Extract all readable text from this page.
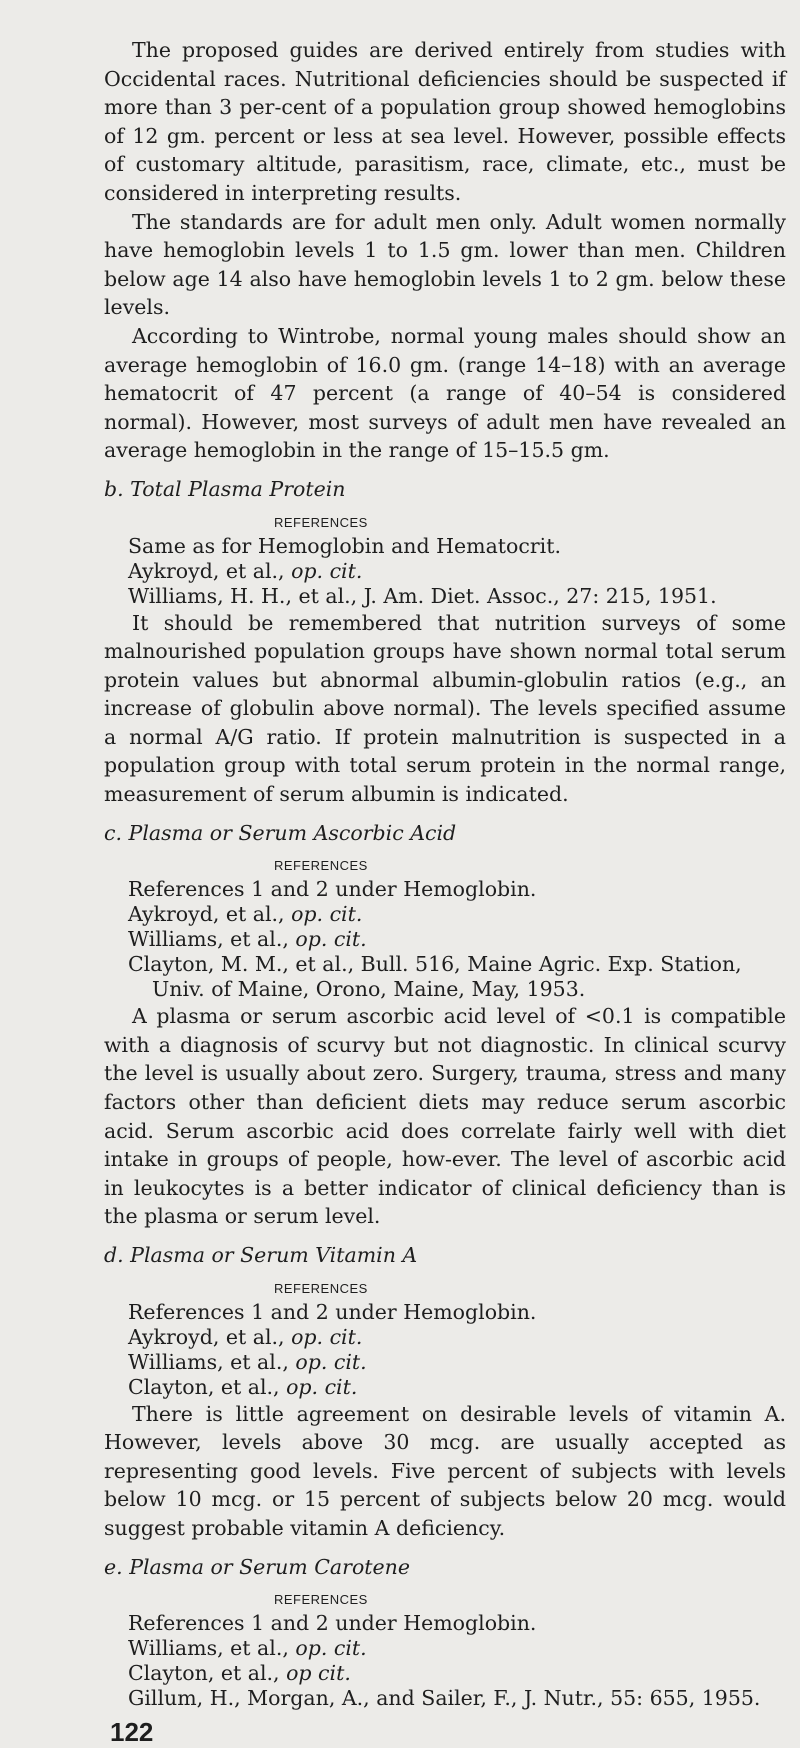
The proposed guides are derived entirely from studies with Occidental races. Nutritional deficiencies should be suspected if more than 3 per-cent of a population group showed hemoglobins of 12 gm. percent or less at sea level. However, possible effects of customary altitude, parasitism, race, climate, etc., must be considered in interpreting results.

The standards are for adult men only. Adult women normally have hemoglobin levels 1 to 1.5 gm. lower than men. Children below age 14 also have hemoglobin levels 1 to 2 gm. below these levels.

According to Wintrobe, normal young males should show an average hemoglobin of 16.0 gm. (range 14–18) with an average hematocrit of 47 percent (a range of 40–54 is considered normal). However, most surveys of adult men have revealed an average hemoglobin in the range of 15–15.5 gm.

b. Total Plasma Protein

REFERENCES

Same as for Hemoglobin and Hematocrit.

Aykroyd, et al., op. cit.

Williams, H. H., et al., J. Am. Diet. Assoc., 27: 215, 1951.

It should be remembered that nutrition surveys of some malnourished population groups have shown normal total serum protein values but abnormal albumin-globulin ratios (e.g., an increase of globulin above normal). The levels specified assume a normal A/G ratio. If protein malnutrition is suspected in a population group with total serum protein in the normal range, measurement of serum albumin is indicated.

c. Plasma or Serum Ascorbic Acid

REFERENCES

References 1 and 2 under Hemoglobin.

Aykroyd, et al., op. cit.

Williams, et al., op. cit.

Clayton, M. M., et al., Bull. 516, Maine Agric. Exp. Station, Univ. of Maine, Orono, Maine, May, 1953.

A plasma or serum ascorbic acid level of <0.1 is compatible with a diagnosis of scurvy but not diagnostic. In clinical scurvy the level is usually about zero. Surgery, trauma, stress and many factors other than deficient diets may reduce serum ascorbic acid. Serum ascorbic acid does correlate fairly well with diet intake in groups of people, how-ever. The level of ascorbic acid in leukocytes is a better indicator of clinical deficiency than is the plasma or serum level.

d. Plasma or Serum Vitamin A

REFERENCES

References 1 and 2 under Hemoglobin.

Aykroyd, et al., op. cit.

Williams, et al., op. cit.

Clayton, et al., op. cit.

There is little agreement on desirable levels of vitamin A. However, levels above 30 mcg. are usually accepted as representing good levels. Five percent of subjects with levels below 10 mcg. or 15 percent of subjects below 20 mcg. would suggest probable vitamin A deficiency.

e. Plasma or Serum Carotene

REFERENCES

References 1 and 2 under Hemoglobin.

Williams, et al., op. cit.

Clayton, et al., op cit.

Gillum, H., Morgan, A., and Sailer, F., J. Nutr., 55: 655, 1955.

122
